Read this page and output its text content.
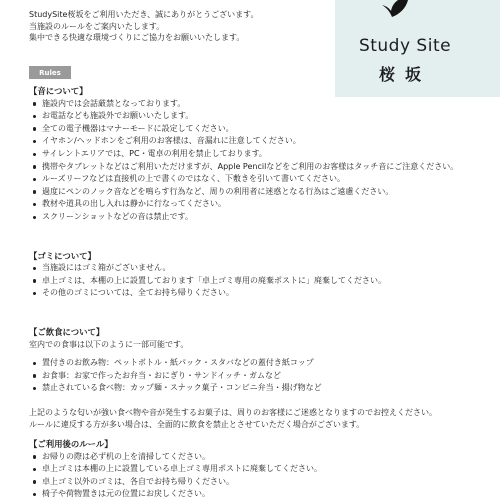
Study Site
桜坂
StudySite桜坂をご利用いただき、誠にありがとうございます。
当施設のルールをご案内いたします。
集中できる快適な環境づくりにご協力をお願いいたします。
Rules
【音について】
施設内では会話厳禁となっております。
お電話なども施設外でお願いいたします。
全ての電子機器はマナーモードに設定してください。
イヤホン/ヘッドホンをご利用のお客様は、音漏れに注意してください。
サイレントエリアでは、PC・電卓の利用を禁止しております。
携帯やタブレットなどはご利用いただけますが、Apple Pencilなどをご利用のお客様はタッチ音にご注意ください。
ルーズリーフなどは直接机の上で書くのではなく、下敷きを引いて書いてください。
過度にペンのノック音などを鳴らす行為など、周りの利用者に迷惑となる行為はご遠慮ください。
教材や道具の出し入れは静かに行なってください。
スクリーンショットなどの音は禁止です。
【ゴミについて】
当施設にはゴミ箱がございません。
卓上ゴミは、本棚の上に設置しております「卓上ゴミ専用の廃棄ポストに」廃棄してください。
その他のゴミについては、全てお持ち帰りください。
【ご飲食について】
室内での食事は以下のように一部可能です。
置付きのお飲み物：ペットボトル・紙パック・スタバなどの蓋付き紙コップ
お食事：お家で作ったお弁当・おにぎり・サンドイッチ・ガムなど
禁止されている食べ物：カップ麺・スナック菓子・コンビニ弁当・揚げ物など
上記のような匂いが強い食べ物や音が発生するお菓子は、周りのお客様にご迷惑となりますのでお控えください。
ルールに違反する方が多い場合は、全面的に飲食を禁止とさせていただく場合がございます。
【ご利用後のルール】
お帰りの際は必ず机の上を清掃してください。
卓上ゴミは本棚の上に設置している卓上ゴミ専用ポストに廃棄してください。
卓上ゴミ以外のゴミは、各自でお持ち帰りください。
椅子や荷物置きは元の位置にお戻しください。
